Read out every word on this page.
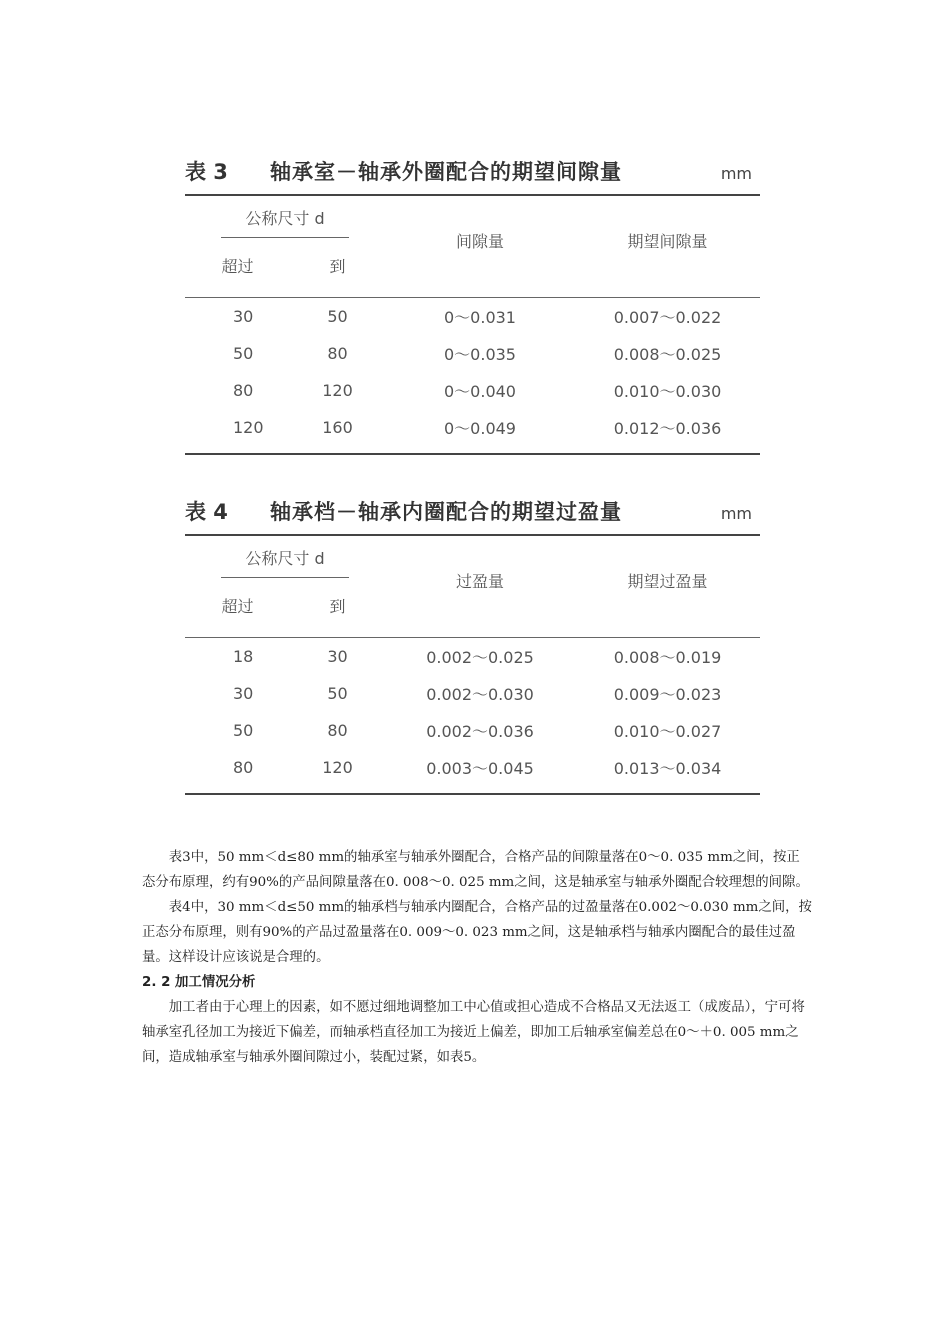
表 3 轴承室－轴承外圈配合的期望间隙量	mm

公称尺寸 d		间隙量	期望间隙量
超过	到		

30	50	0～0.031	0.007～0.022
50	80	0～0.035	0.008～0.025
80	120	0～0.040	0.010～0.030
120	160	0～0.049	0.012～0.036
表 4 轴承档－轴承内圈配合的期望过盈量	mm

公称尺寸 d		过盈量	期望过盈量
超过	到		

18	30	0.002～0.025	0.008～0.019
30	50	0.002～0.030	0.009～0.023
50	80	0.002～0.036	0.010～0.027
80	120	0.003～0.045	0.013～0.034

表3中，50 mm＜d≤80 mm的轴承室与轴承外圈配合，合格产品的间隙量落在0～0. 035 mm之间，按正态分布原理，约有90%的产品间隙量落在0. 008～0. 025 mm之间，这是轴承室与轴承外圈配合较理想的间隙。

表4中，30 mm＜d≤50 mm的轴承档与轴承内圈配合，合格产品的过盈量落在0.002～0.030 mm之间，按正态分布原理，则有90%的产品过盈量落在0. 009～0. 023 mm之间，这是轴承档与轴承内圈配合的最佳过盈量。这样设计应该说是合理的。

2. 2 加工情况分析

加工者由于心理上的因素，如不愿过细地调整加工中心值或担心造成不合格品又无法返工（成废品），宁可将轴承室孔径加工为接近下偏差，而轴承档直径加工为接近上偏差，即加工后轴承室偏差总在0～＋0. 005 mm之间，造成轴承室与轴承外圈间隙过小，装配过紧，如表5。
